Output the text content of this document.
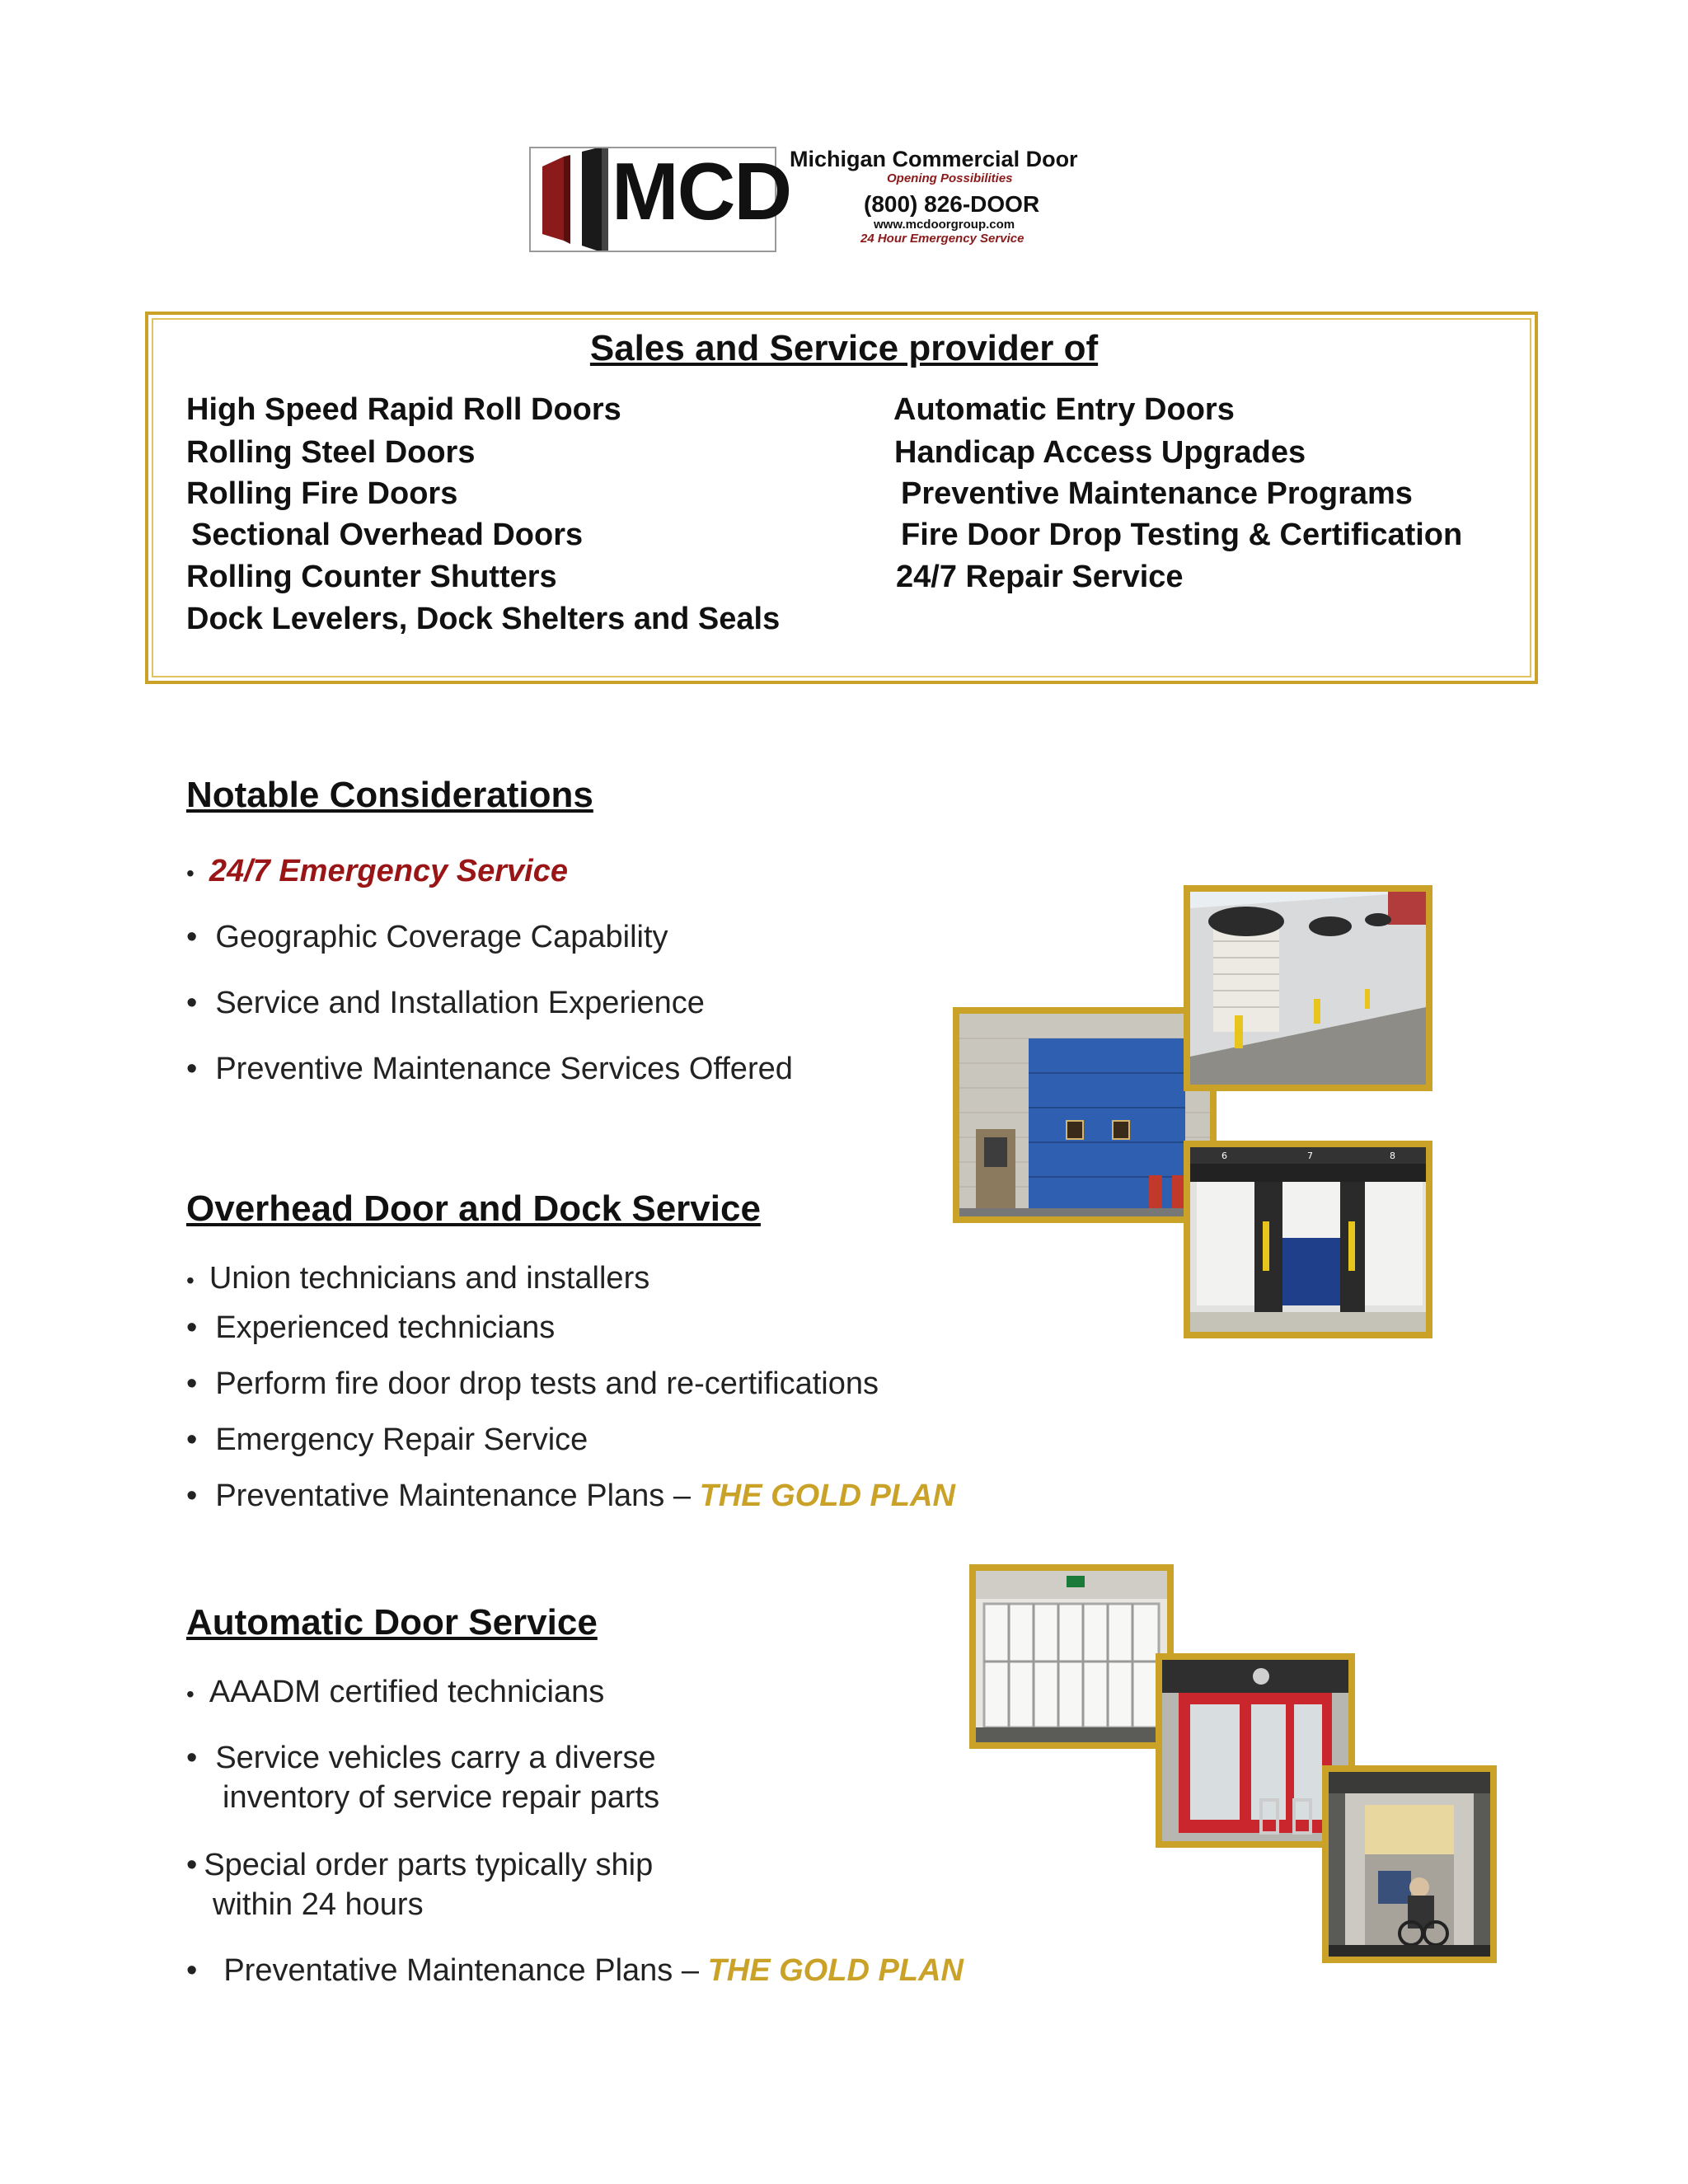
MCD
Michigan Commercial Door
Opening Possibilities
(800) 826-DOOR
www.mcdoorgroup.com
24 Hour Emergency Service
Sales and Service provider of
High Speed Rapid Roll Doors
Rolling Steel Doors
Rolling Fire Doors
Sectional Overhead Doors
Rolling Counter Shutters
Dock Levelers, Dock Shelters and Seals
Automatic Entry Doors
Handicap Access Upgrades
Preventive Maintenance Programs
Fire Door Drop Testing & Certification
24/7 Repair Service
Notable Considerations
• 24/7 Emergency Service
• Geographic Coverage Capability
• Service and Installation Experience
• Preventive Maintenance Services Offered
Overhead Door and Dock Service
• Union technicians and installers
• Experienced technicians
• Perform fire door drop tests and re-certifications
• Emergency Repair Service
• Preventative Maintenance Plans – THE GOLD PLAN
Automatic Door Service
• AAADM certified technicians
• Service vehicles carry a diverse
inventory of service repair parts
• Special order parts typically ship
within 24 hours
• Preventative Maintenance Plans – THE GOLD PLAN
6	7	8
